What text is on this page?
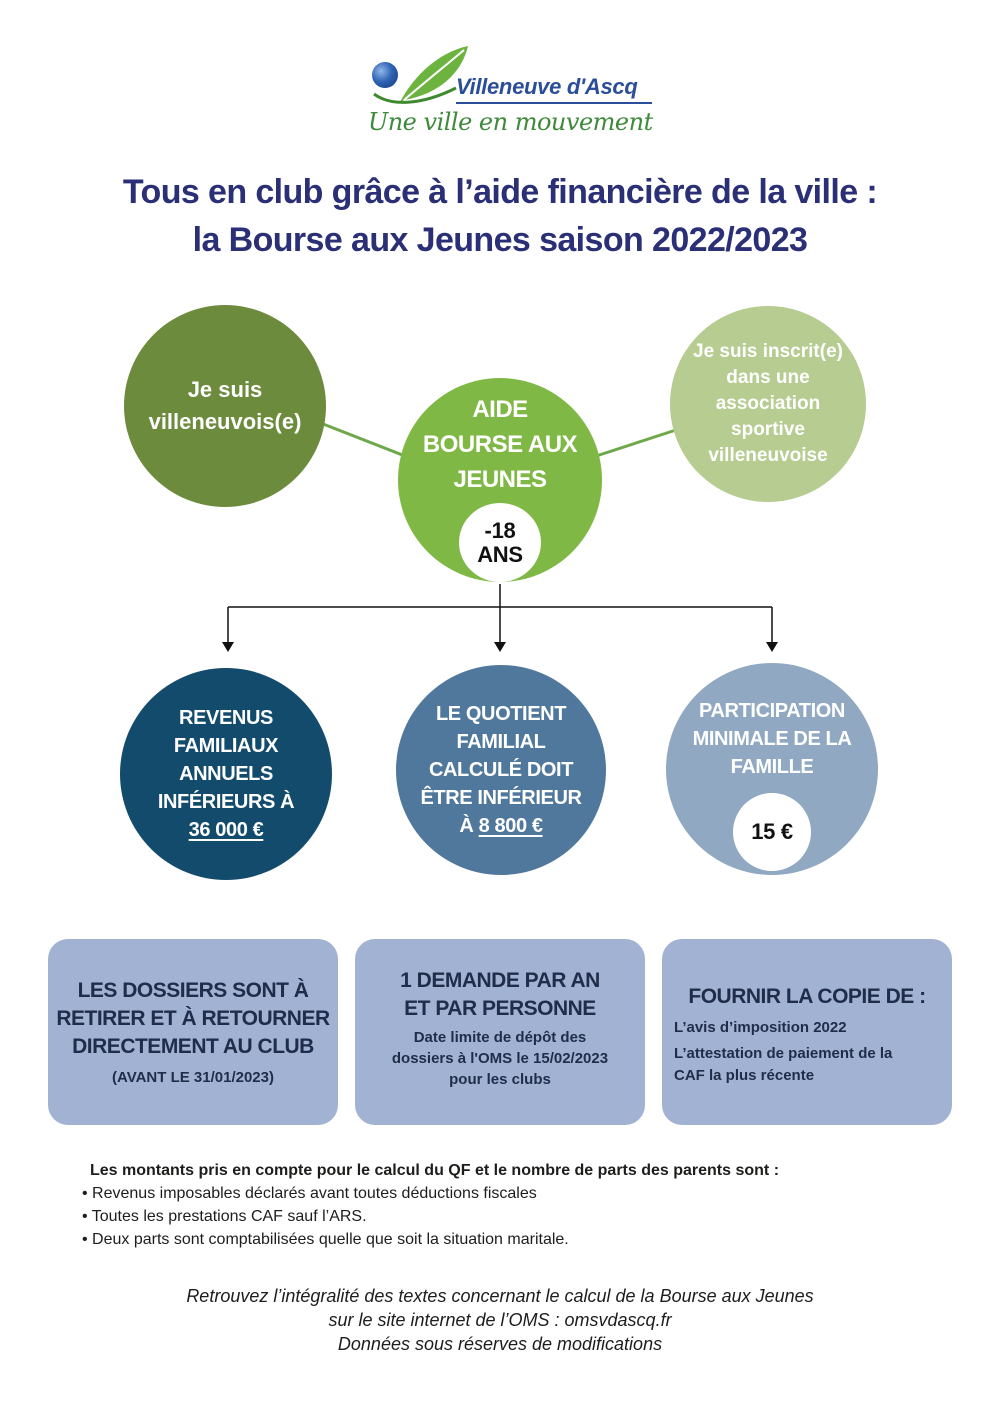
Villeneuve d'Ascq
Une ville en mouvement
Tous en club grâce à l’aide financière de la ville :
la Bourse aux Jeunes saison 2022/2023
Je suis
villeneuvois(e)
Je suis inscrit(e)
dans une
association
sportive
villeneuvoise
AIDE
BOURSE AUX
JEUNES
-18
ANS
REVENUS
FAMILIAUX
ANNUELS
INFÉRIEURS À
36 000 €
LE QUOTIENT
FAMILIAL
CALCULÉ DOIT
ÊTRE INFÉRIEUR
À 8 800 €
PARTICIPATION
MINIMALE DE LA
FAMILLE
15 €
LES DOSSIERS SONT À
RETIRER ET À RETOURNER
DIRECTEMENT AU CLUB
(AVANT LE 31/01/2023)
1 DEMANDE PAR AN
ET PAR PERSONNE
Date limite de dépôt des
dossiers à l'OMS le 15/02/2023
pour les clubs
FOURNIR LA COPIE DE :

L’avis d’imposition 2022

L’attestation de paiement de la

CAF la plus récente

Les montants pris en compte pour le calcul du QF et le nombre de parts des parents sont :

• Revenus imposables déclarés avant toutes déductions fiscales
• Toutes les prestations CAF sauf l’ARS.
• Deux parts sont comptabilisées quelle que soit la situation maritale.

Retrouvez l’intégralité des textes concernant le calcul de la Bourse aux Jeunes

sur le site internet de l’OMS : omsvdascq.fr

Données sous réserves de modifications
